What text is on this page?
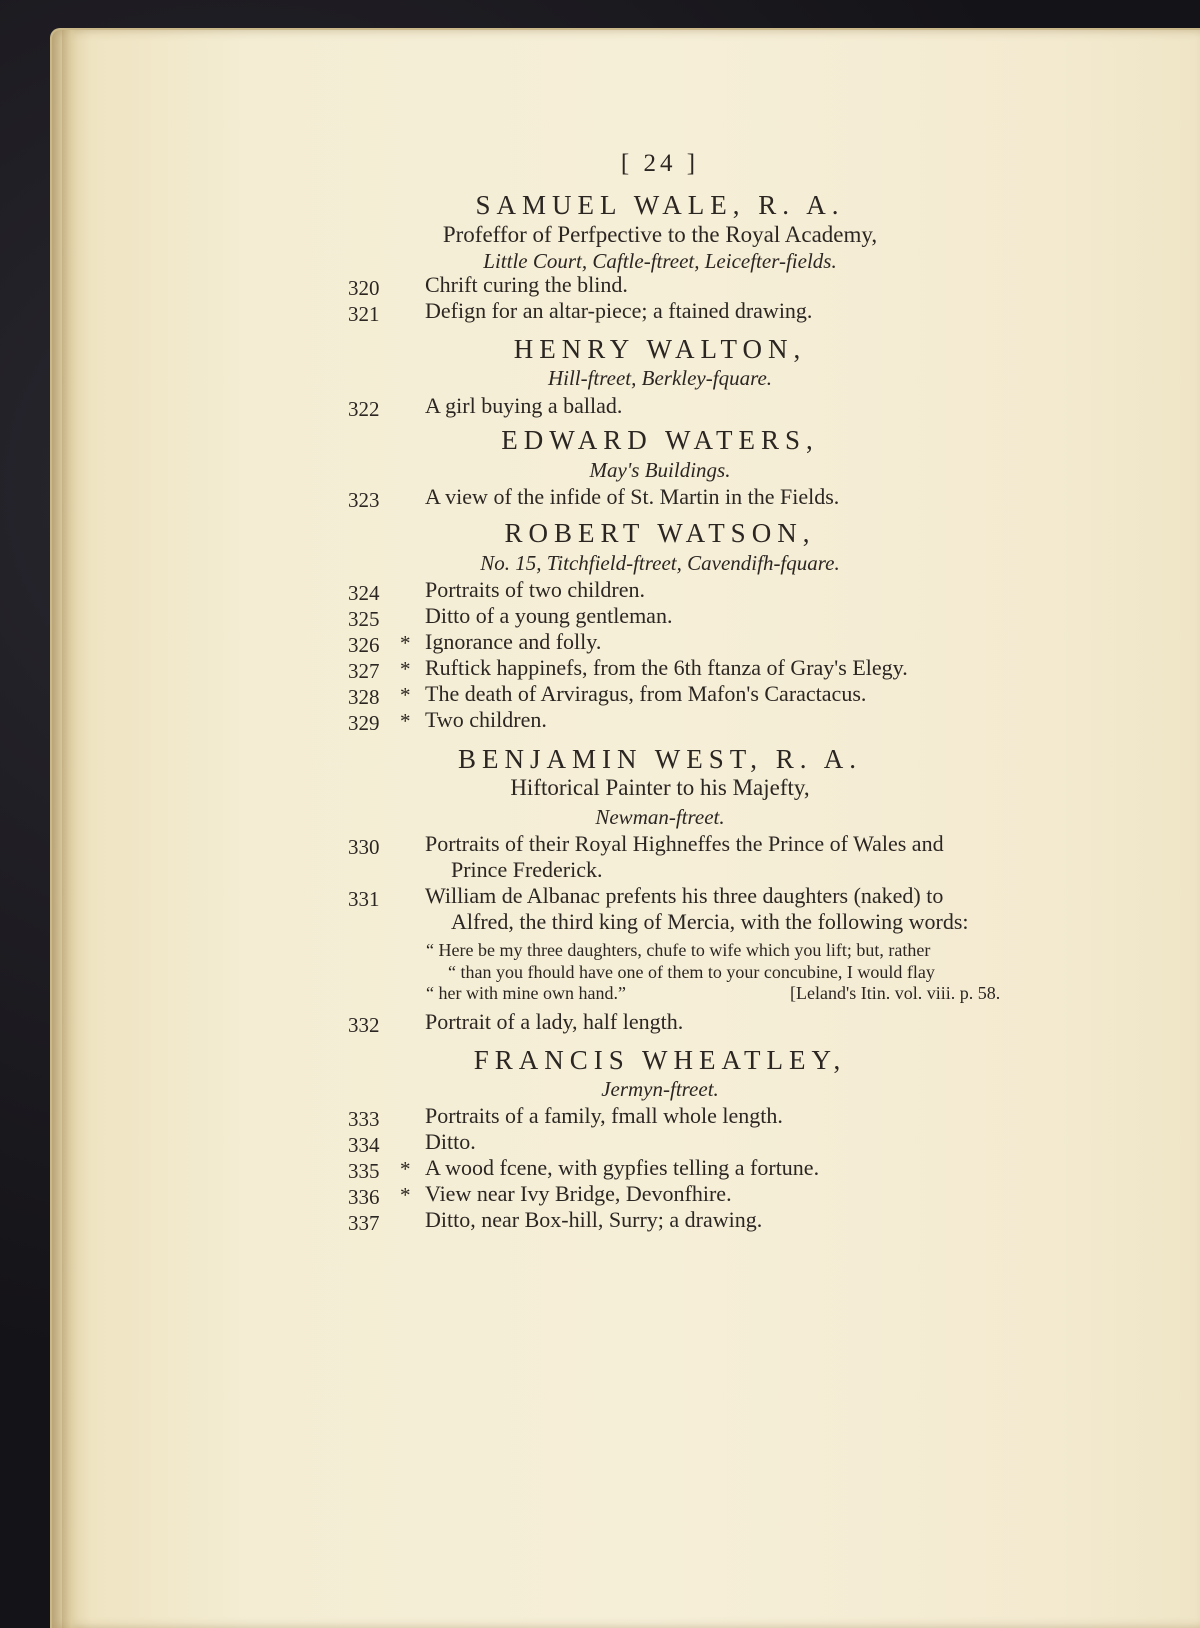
[ 24 ]
SAMUEL WALE, R. A.
Profeffor of Perfpective to the Royal Academy,
Little Court, Caftle-ftreet, Leicefter-fields.
320	Chrift curing the blind.
321	Defign for an altar-piece; a ftained drawing.
HENRY WALTON,
Hill-ftreet, Berkley-fquare.
322	A girl buying a ballad.
EDWARD WATERS,
May's Buildings.
323	A view of the infide of St. Martin in the Fields.
ROBERT WATSON,
No. 15, Titchfield-ftreet, Cavendifh-fquare.
324	Portraits of two children.
325	Ditto of a young gentleman.
326 * Ignorance and folly.
327 * Ruftick happinefs, from the 6th ftanza of Gray's Elegy.
328 * The death of Arviragus, from Mafon's Caractacus.
329 * Two children.
BENJAMIN WEST, R. A.
Hiftorical Painter to his Majefty,
Newman-ftreet.
330	Portraits of their Royal Highneffes the Prince of Wales and
Prince Frederick.
331	William de Albanac prefents his three daughters (naked) to
Alfred, the third king of Mercia, with the following words:
“ Here be my three daughters, chufe to wife which you lift; but, rather
“ than you fhould have one of them to your concubine, I would flay
“ her with mine own hand.”	[Leland's Itin. vol. viii. p. 58.
332	Portrait of a lady, half length.
FRANCIS WHEATLEY,
Jermyn-ftreet.
333	Portraits of a family, fmall whole length.
334	Ditto.
335 * A wood fcene, with gypfies telling a fortune.
336 * View near Ivy Bridge, Devonfhire.
337	Ditto, near Box-hill, Surry; a drawing.
